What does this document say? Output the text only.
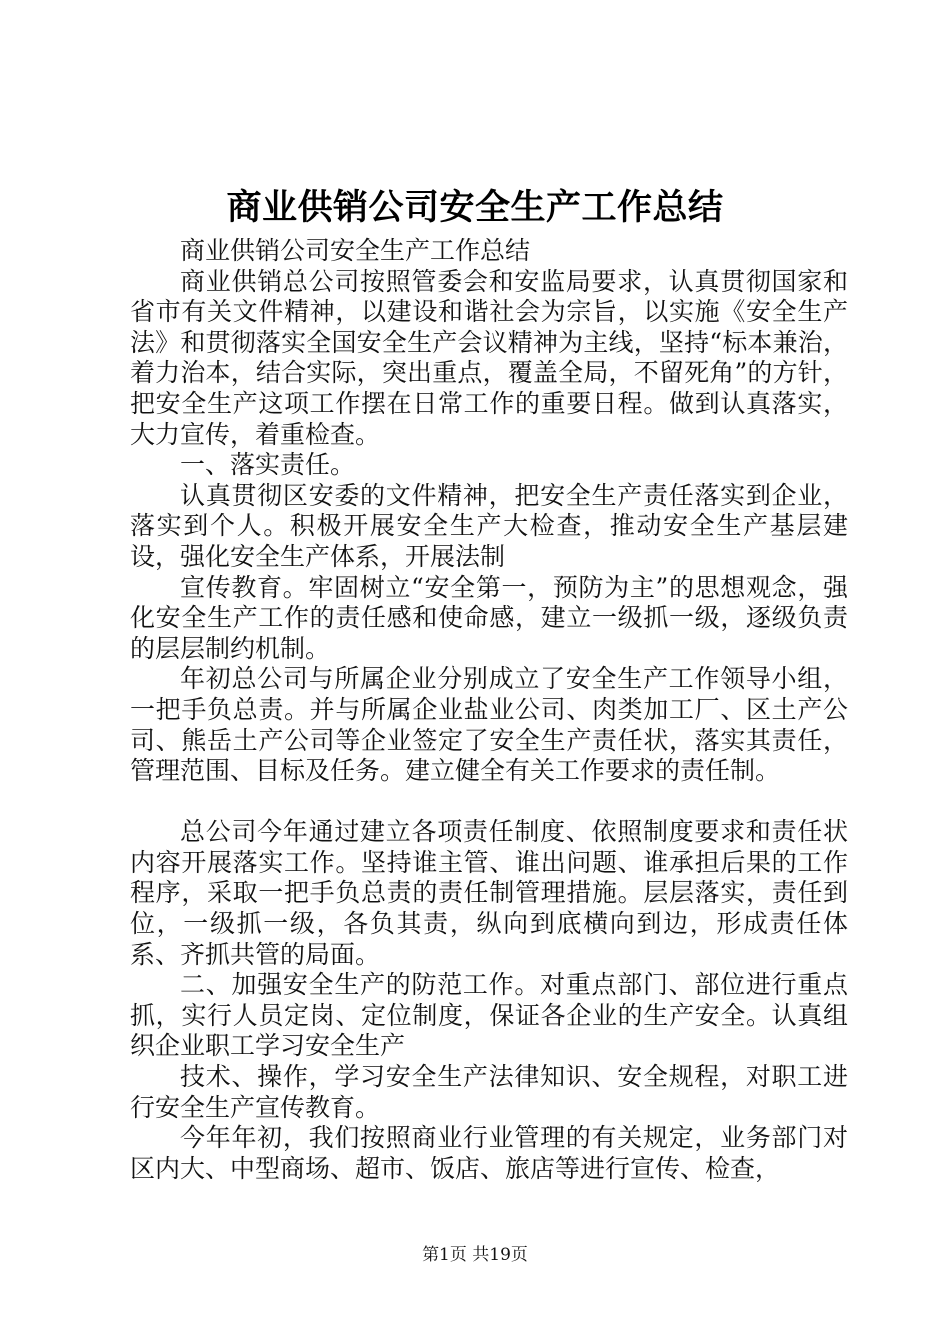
商业供销公司安全生产工作总结

商业供销公司安全生产工作总结

商业供销总公司按照管委会和安监局要求，认真贯彻国家和省市有关文件精神，以建设和谐社会为宗旨，以实施《安全生产法》和贯彻落实全国安全生产会议精神为主线，坚持“标本兼治，着力治本，结合实际，突出重点，覆盖全局，不留死角”的方针，把安全生产这项工作摆在日常工作的重要日程。做到认真落实，大力宣传，着重检查。

一、落实责任。

认真贯彻区安委的文件精神，把安全生产责任落实到企业，落实到个人。积极开展安全生产大检查，推动安全生产基层建设，强化安全生产体系，开展法制

宣传教育。牢固树立“安全第一，预防为主”的思想观念，强化安全生产工作的责任感和使命感，建立一级抓一级，逐级负责的层层制约机制。

年初总公司与所属企业分别成立了安全生产工作领导小组，一把手负总责。并与所属企业盐业公司、肉类加工厂、区土产公司、熊岳土产公司等企业签定了安全生产责任状，落实其责任，管理范围、目标及任务。建立健全有关工作要求的责任制。

总公司今年通过建立各项责任制度、依照制度要求和责任状内容开展落实工作。坚持谁主管、谁出问题、谁承担后果的工作程序，采取一把手负总责的责任制管理措施。层层落实，责任到位，一级抓一级，各负其责，纵向到底横向到边，形成责任体系、齐抓共管的局面。

二、加强安全生产的防范工作。对重点部门、部位进行重点抓，实行人员定岗、定位制度，保证各企业的生产安全。认真组织企业职工学习安全生产

技术、操作，学习安全生产法律知识、安全规程，对职工进行安全生产宣传教育。

今年年初，我们按照商业行业管理的有关规定，业务部门对区内大、中型商场、超市、饭店、旅店等进行宣传、检查，

第1页 共19页
